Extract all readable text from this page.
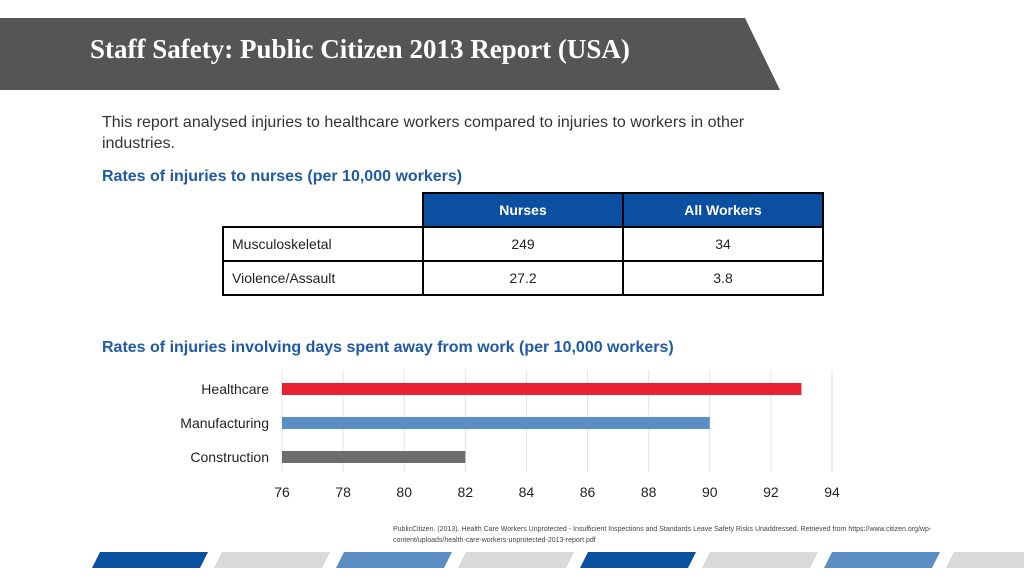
Staff Safety: Public Citizen 2013 Report (USA)
This report analysed injuries to healthcare workers compared to injuries to workers in other industries.
Rates of injuries to nurses (per 10,000 workers)
	Nurses	All Workers
Musculoskeletal	249	34
Violence/Assault	27.2	3.8
Rates of injuries involving days spent away from work (per 10,000 workers)
Healthcare
Manufacturing
Construction
76	78	80	82	84	86	88	90	92	94
PublicCitizen. (2013). Health Care Workers Unprotected - Insufficient Inspections and Standards Leave Safety Risks Unaddressed. Retrieved from https://www.citizen.org/wp-content/uploads/health-care-workers-unprotected-2013-report.pdf
